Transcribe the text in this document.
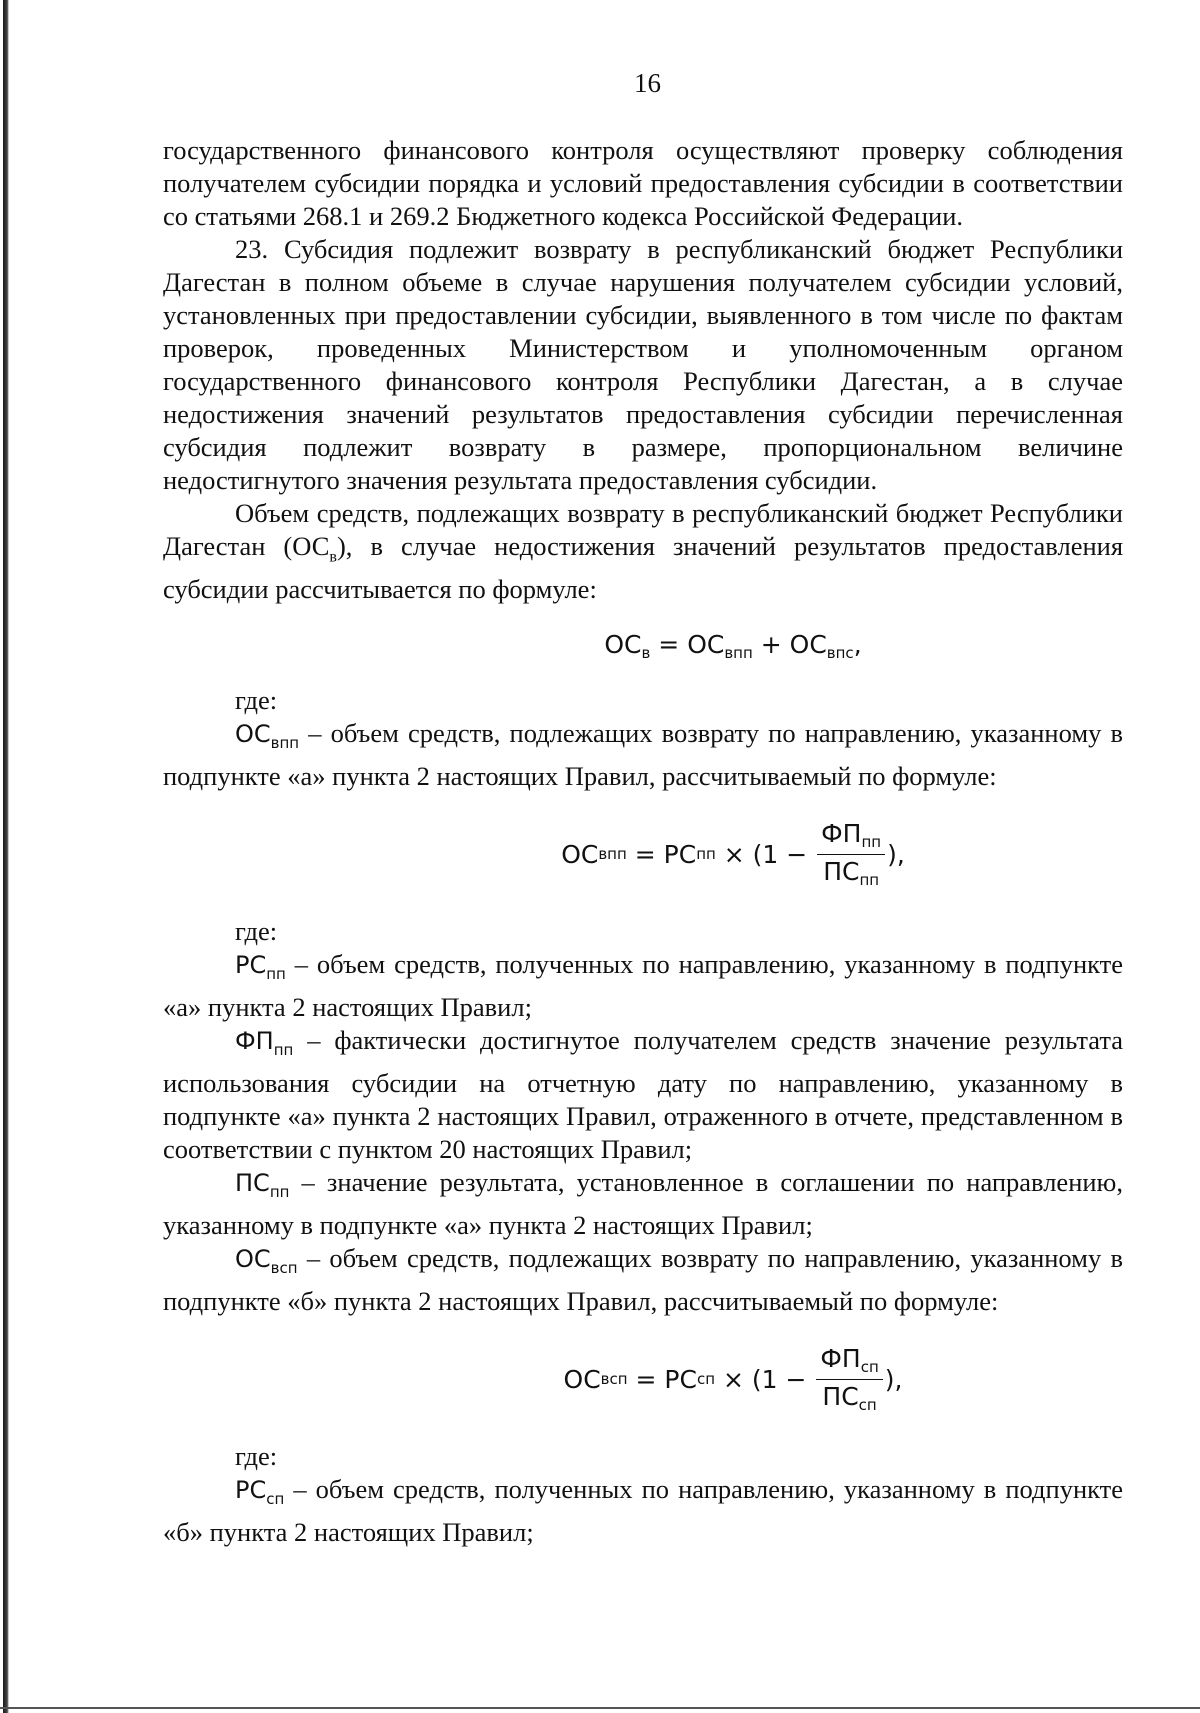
16

государственного финансового контроля осуществляют проверку соблюдения получателем субсидии порядка и условий предоставления субсидии в соответствии со статьями 268.1 и 269.2 Бюджетного кодекса Российской Федерации.

23. Субсидия подлежит возврату в республиканский бюджет Республики Дагестан в полном объеме в случае нарушения получателем субсидии условий, установленных при предоставлении субсидии, выявленного в том числе по фактам проверок, проведенных Министерством и уполномоченным органом государственного финансового контроля Республики Дагестан, а в случае недостижения значений результатов предоставления субсидии перечисленная субсидия подлежит возврату в размере, пропорциональном величине недостигнутого значения результата предоставления субсидии.

Объем средств, подлежащих возврату в республиканский бюджет Республики Дагестан $(ОС_в)$, в случае недостижения значений результатов предоставления субсидии рассчитывается по формуле:

$ОС_в = ОС_{впп} + ОС_{впс}$,

где:

$ОС_{впп}$ – объем средств, подлежащих возврату по направлению, указанному в подпункте «а» пункта 2 настоящих Правил, рассчитываемый по формуле:

ОС впп = РС пп × ($1 - \frac{ФП_{пп}}{ПС_{пп}}$ ),

где:

$РС_{пп}$ – объем средств, полученных по направлению, указанному в подпункте «а» пункта 2 настоящих Правил;

$ФП_{пп}$ – фактически достигнутое получателем средств значение результата использования субсидии на отчетную дату по направлению, указанному в подпункте «а» пункта 2 настоящих Правил, отраженного в отчете, представленном в соответствии с пунктом 20 настоящих Правил;

$ПС_{пп}$ – значение результата, установленное в соглашении по направлению, указанному в подпункте «а» пункта 2 настоящих Правил;

$ОС_{всп}$ – объем средств, подлежащих возврату по направлению, указанному в подпункте «б» пункта 2 настоящих Правил, рассчитываемый по формуле:

ОС всп = РС сп × ($1 - \frac{ФП_{сп}}{ПС_{сп}}$ ),

где:

$РС_{сп}$ – объем средств, полученных по направлению, указанному в подпункте «б» пункта 2 настоящих Правил;
